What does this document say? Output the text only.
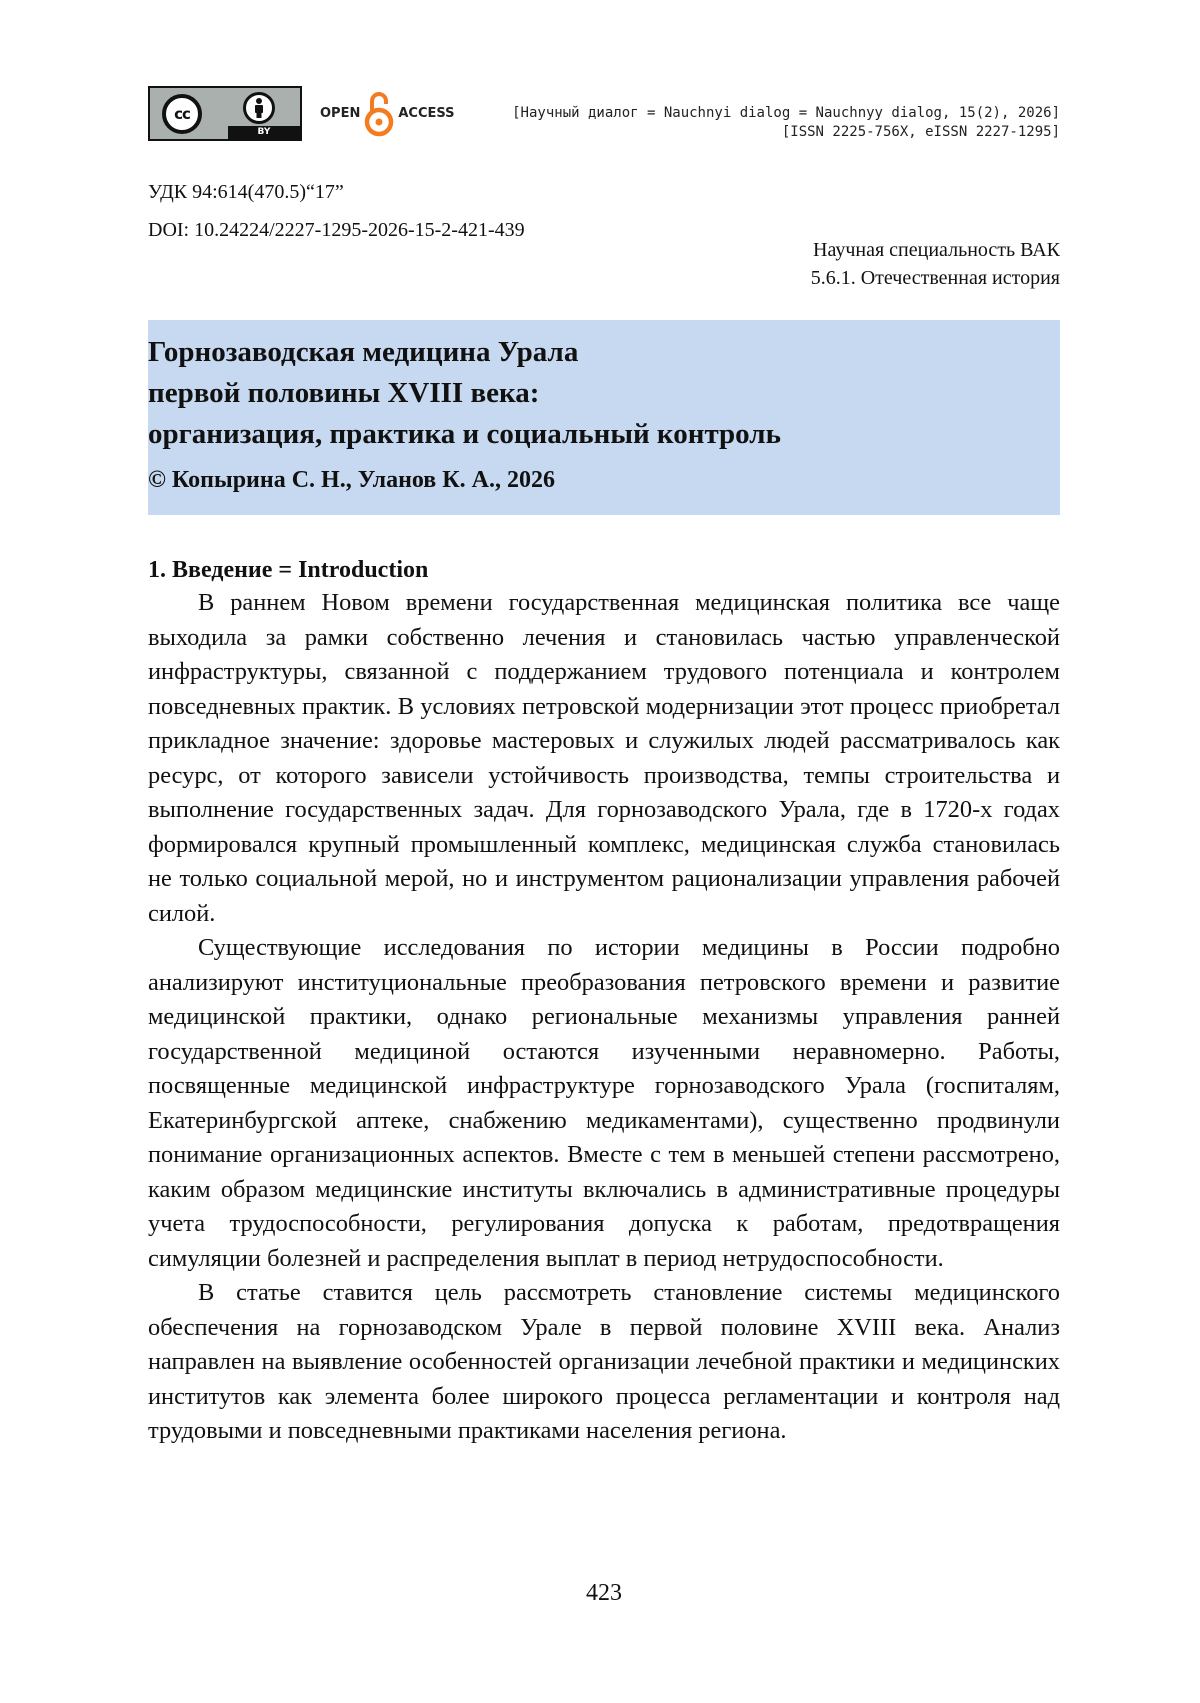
cc
BY
OPEN	ACCESS	[Научный диалог = Nauchnyi dialog = Nauchnyy dialog, 15(2), 2026]
[ISSN 2225-756X, eISSN 2227-1295]
УДК 94:614(470.5)“17”
DOI: 10.24224/2227-1295-2026-15-2-421-439
Научная специальность ВАК
5.6.1. Отечественная история
Горнозаводская медицина Урала
первой половины XVIII века:
организация, практика и социальный контроль
© Копырина С. Н., Уланов К. А., 2026
1. Введение = Introduction

В раннем Новом времени государственная медицинская политика все чаще выходила за рамки собственно лечения и становилась частью управленческой инфраструктуры, связанной с поддержанием трудового потенциала и контролем повседневных практик. В условиях петровской модернизации этот процесс приобретал прикладное значение: здоровье мастеровых и служилых людей рассматривалось как ресурс, от которого зависели устойчивость производства, темпы строительства и выполнение государственных задач. Для горнозаводского Урала, где в 1720-х годах формировался крупный промышленный комплекс, медицинская служба становилась не только социальной мерой, но и инструментом рационализации управления рабочей силой.

Существующие исследования по истории медицины в России подробно анализируют институциональные преобразования петровского времени и развитие медицинской практики, однако региональные механизмы управления ранней государственной медициной остаются изученными неравномерно. Работы, посвященные медицинской инфраструктуре горнозаводского Урала (госпиталям, Екатеринбургской аптеке, снабжению медикаментами), существенно продвинули понимание организационных аспектов. Вместе с тем в меньшей степени рассмотрено, каким образом медицинские институты включались в административные процедуры учета трудоспособности, регулирования допуска к работам, предотвращения симуляции болезней и распределения выплат в период нетрудоспособности.

В статье ставится цель рассмотреть становление системы медицинского обеспечения на горнозаводском Урале в первой половине XVIII века. Анализ направлен на выявление особенностей организации лечебной практики и медицинских институтов как элемента более широкого процесса регламентации и контроля над трудовыми и повседневными практиками населения региона.

423
